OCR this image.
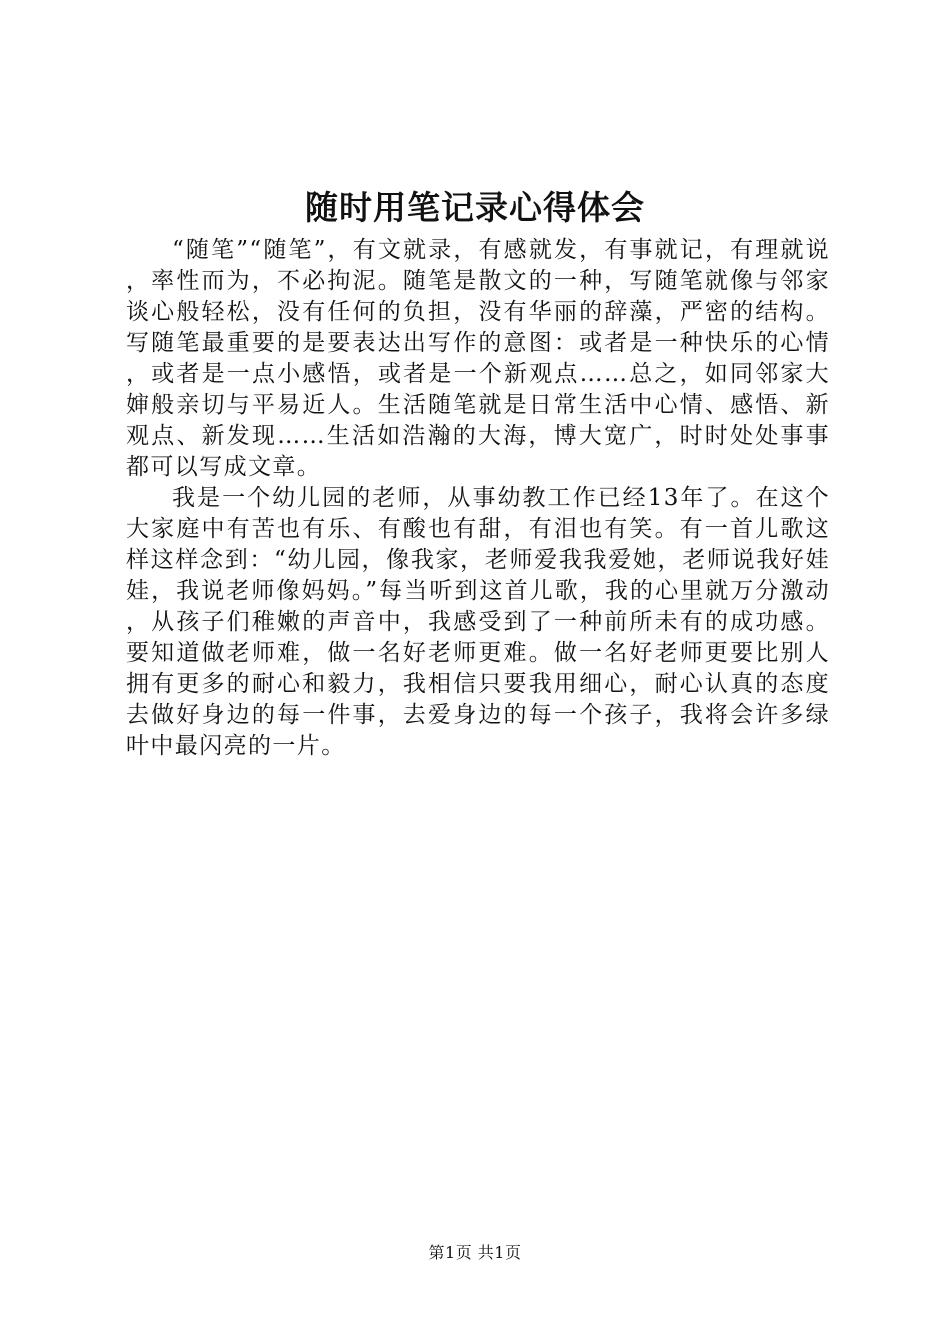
随时用笔记录心得体会

“随笔”“随笔”，有文就录，有感就发，有事就记，有理就说，率性而为，不必拘泥。随笔是散文的一种，写随笔就像与邻家谈心般轻松，没有任何的负担，没有华丽的辞藻，严密的结构。写随笔最重要的是要表达出写作的意图：或者是一种快乐的心情，或者是一点小感悟，或者是一个新观点……总之，如同邻家大婶般亲切与平易近人。生活随笔就是日常生活中心情、感悟、新观点、新发现……生活如浩瀚的大海，博大宽广，时时处处事事都可以写成文章。

我是一个幼儿园的老师，从事幼教工作已经13年了。在这个大家庭中有苦也有乐、有酸也有甜，有泪也有笑。有一首儿歌这样这样念到：“幼儿园，像我家，老师爱我我爱她，老师说我好娃娃，我说老师像妈妈。”每当听到这首儿歌，我的心里就万分激动，从孩子们稚嫩的声音中，我感受到了一种前所未有的成功感。要知道做老师难，做一名好老师更难。做一名好老师更要比别人拥有更多的耐心和毅力，我相信只要我用细心，耐心认真的态度去做好身边的每一件事，去爱身边的每一个孩子，我将会许多绿叶中最闪亮的一片。

第1页 共1页
